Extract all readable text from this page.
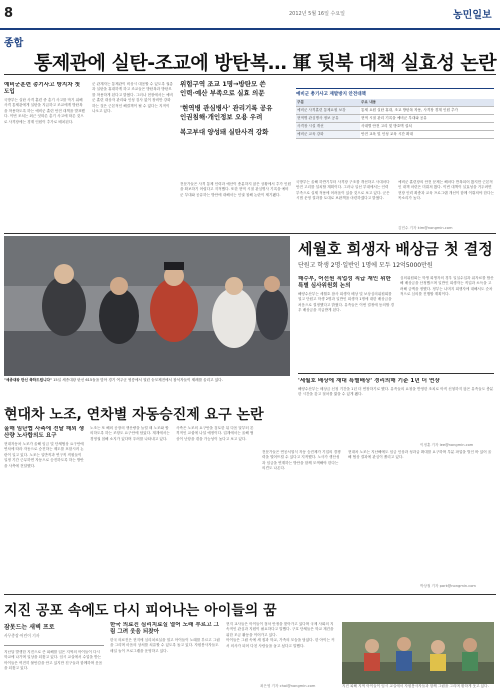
8	2012년 5월 16일 수요일	농민일보
종합
통제관에 실탄-조교에 방탄복… 軍 뒷북 대책 실효성 논란
예비군훈련 총기사고 방지차 첫 도입
국방부는 실탄 사격 훈련 중 총기 사고를 막기 위해 사격 통제관에게 실탄을 지급하고 조교에게 방탄복을 착용하도록 하는 예비군 훈련 안전 대책을 발표했다. 이번 조치는 최근 잇따른 총기 사고에 따른 것으로 사격장에는 경계 인원이 추가로 배치된다.
군 관계자는 통제관이 비상시 대응할 수 있도록 권총과 실탄을 휴대하게 하고 조교들은 방탄복과 방탄모를 착용하게 된다고 밝혔다. 그러나 현장에서는 예비군 훈련 대상자 관리와 인성 검사 없이 장비만 강화하는 것은 근본적인 해결책이 될 수 없다는 지적이 나오고 있다.
위험구역 조교 1명→방탄모 쓴
인력·예산 부족으로 실효 의문
'현역병 관심병사' 관리기록 공유
인권침해·개인정보 오용 우려
복고부대 양성돼 실탄사격 강화
전문가들은 사격 통제 인력과 예산이 충분하지 않은 상황에서 추가 인원을 확보하기 어렵다고 지적했다. 또한 현역 시절 관심병사 기록을 예비군 부대와 공유하는 방안에 대해서는 인권 침해 논란이 제기됐다.
예비군 총기사고 재발방지 안전대책
구분	주요 내용
예비군 사격훈련 통제요원 보강	통제 요원 실탄 휴대, 조교 방탄복 착용, 사격장 경계 인원 추가
현역병 관심병사 정보 공유	현역 시절 관리 기록을 예비군 부대와 공유
사격장 시설 개선	사대별 안전 고리 및 방호벽 설치
예비군 교육 강화	안전 교육 및 인성 교육 시간 확대
국방부는 올해 하반기부터 사격장 구조를 개선하고 사대마다 안전 고리를 설치할 계획이다. 그러나 일선 부대에서는 인력 부족으로 실제 적용에 어려움이 있을 것으로 보고 있다. 군은 시범 운영 결과를 토대로 보완책을 마련하겠다고 밝혔다.
예비군 훈련장의 안전 문제는 해마다 반복되어 왔지만 근본적인 대책 마련은 미뤄져 왔다. 이번 대책이 실효성을 거두려면 현장 인력 확충과 교육 프로그램 개선이 함께 이뤄져야 한다는 목소리가 높다.
김민수 기자 kim@nongmin.com
"세종대왕 탄신 축하드립니다" 15일 세종대왕 탄신 615돌을 맞아 경기 여주군 영릉에서 열린 숭모제전에서 참석자들이 제례를 올리고 있다.
세월호 희생자 배상금 첫 결정
단원고 학생 2명·일반인 1명에 모두 12억5000만원
해수부, 어선원 직업성 직급 재인 위한 특별 심사위원회 논의
해양수산부는 세월호 참사 희생자 배상 및 보상심의위원회를 열고 단원고 학생 2명과 일반인 희생자 1명에 대한 배상금을 처음으로 결정했다고 밝혔다. 유족들은 이번 결정에 동의할 경우 배상금을 지급받게 된다.
심의위원회는 학생 희생자의 경우 일실수입과 위자료를 합산해 배상금을 산정했으며 일반인 희생자는 직업과 소득을 고려해 금액을 정했다. 정부는 나머지 희생자에 대해서도 순차적으로 심의를 진행할 계획이다.
'세월호 배상에 재대 특별배상' 경리의해 기준 1년 더 연장
해양수산부는 배상금 신청 기간을 1년 더 연장하기로 했다. 유족들의 요청을 반영한 조치로 아직 신청하지 않은 유족들도 충분한 시간을 갖고 절차를 밟을 수 있게 됐다.
이정훈 기자 lee@nongmin.com
현대차 노조, 연차별 자동승진제 요구 논란
올해 임단협 사측에 전달 해외 생산량 노사합의도 요구
현대자동차 노조가 올해 임금 및 단체협상 요구안에 연차에 따라 자동으로 승진하는 제도를 포함시켜 논란이 일고 있다. 노조는 일반직과 연구직 직원들이 일정 기간 근무하면 자동으로 승진하도록 하는 방안을 사측에 전달했다.
노조는 또 해외 공장의 생산량을 늘릴 때 노조와 합의하도록 하는 조항도 요구안에 담았다. 재계에서는 경영권 침해 소지가 있다며 우려를 나타내고 있다.
사측은 노조의 요구안을 검토한 뒤 다음 달부터 본격적인 교섭에 나설 예정이다. 업계에서는 올해 협상이 난항을 겪을 가능성이 높다고 보고 있다.
전문가들은 연공서열식 자동 승진제가 기업의 경쟁력을 떨어뜨릴 수 있다고 지적했다. 노사가 생산성과 임금을 연계하는 방안을 함께 모색해야 한다는 의견도 나온다.
현대차 노조는 지난해에도 임금 인상과 성과급 확대를 요구하며 부분 파업을 벌인 바 있어 올해 협상 결과에 관심이 쏠리고 있다.
박상철 기자 park@nongmin.com
지진 공포 속에도 다시 피어나는 아이들의 꿈
잠못드는 새벽 프로
사무총장·어린이 기자
지난달 발생한 지진으로 큰 피해를 입은 지역의 아이들이 다시 학교에 나가며 일상을 되찾고 있다. 임시 교실에서 수업을 받는 아이들은 여전히 불안감을 안고 있지만 친구들과 함께하며 웃음을 되찾고 있다.
한국 의료진 심리치료실 열어 노래 부르고 그림 그려 웃음 되찾아
한국 의료진은 현지에 심리치료실을 열고 아이들이 노래를 부르고 그림을 그리며 마음의 상처를 치유할 수 있도록 돕고 있다. 자원봉사자들도 매일 놀이 프로그램을 운영하고 있다.
현지 교사들은 아이들이 점차 안정을 찾아가고 있다며 국제 사회의 지속적인 관심과 지원이 필요하다고 말했다. 구호 단체들은 학교 재건을 위한 모금 활동을 이어가고 있다.
아이들은 그림 속에 새 집과 학교, 가족의 모습을 담았다. 한 아이는 커서 의사가 되어 다친 사람들을 돕고 싶다고 말했다.
지진 피해 지역 아이들이 임시 교실에서 자원봉사자들과 함께 그림을 그리며 환하게 웃고 있다.
최은영 기자 choi@nongmin.com
